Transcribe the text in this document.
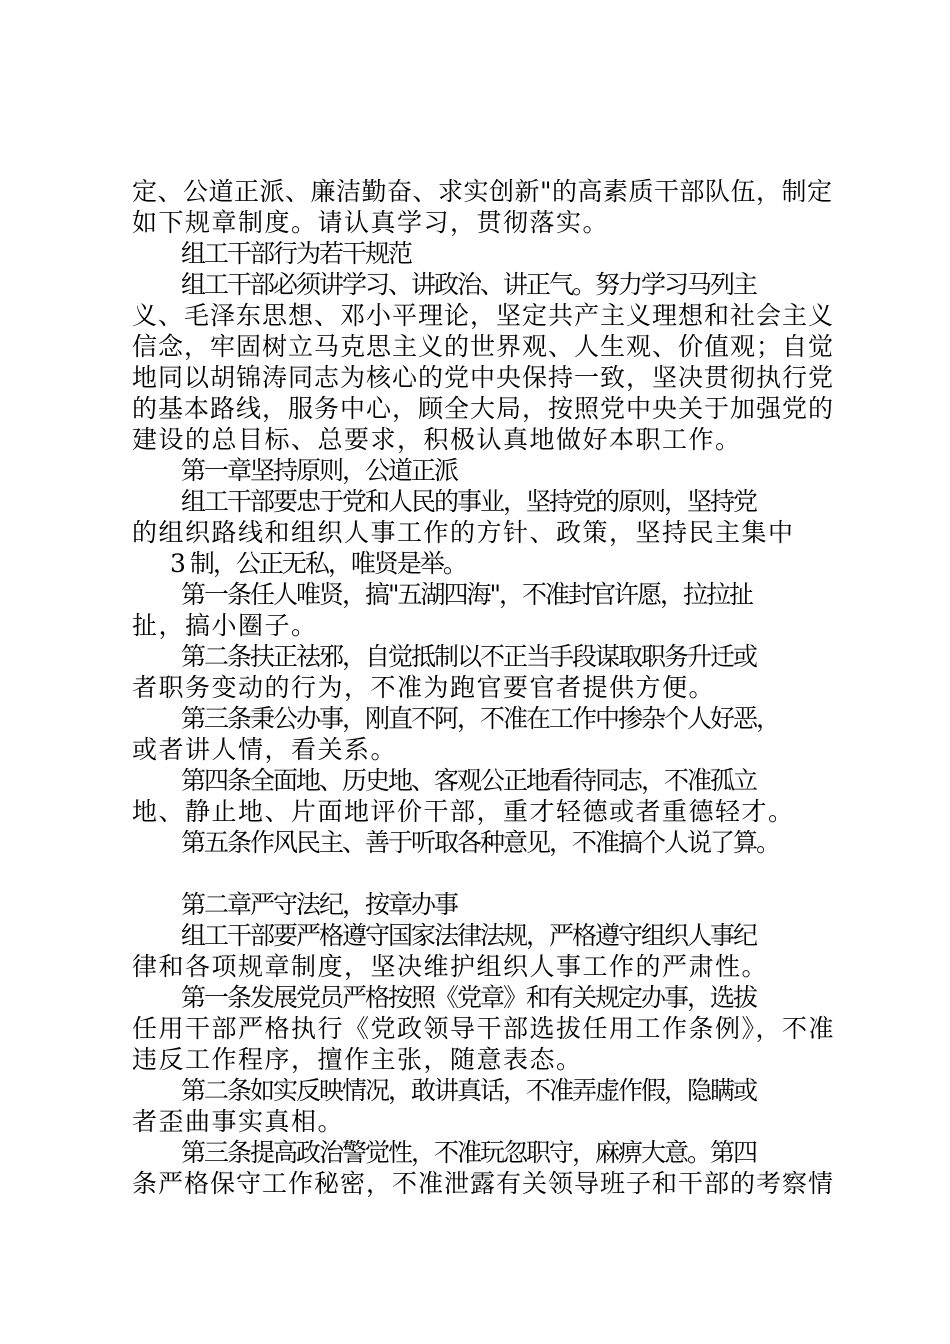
定、公道正派、廉洁勤奋、求实创新"的高素质干部队伍，制定
如下规章制度。请认真学习，贯彻落实。
组工干部行为若干规范
组工干部必须讲学习、讲政治、讲正气。努力学习马列主
义、毛泽东思想、邓小平理论，坚定共产主义理想和社会主义
信念，牢固树立马克思主义的世界观、人生观、价值观；自觉
地同以胡锦涛同志为核心的党中央保持一致，坚决贯彻执行党
的基本路线，服务中心，顾全大局，按照党中央关于加强党的
建设的总目标、总要求，积极认真地做好本职工作。
第一章坚持原则，公道正派
组工干部要忠于党和人民的事业，坚持党的原则，坚持党
的组织路线和组织人事工作的方针、政策，坚持民主集中
3 制，公正无私，唯贤是举。
第一条任人唯贤，搞"五湖四海"，不准封官许愿，拉拉扯
扯，搞小圈子。
第二条扶正祛邪，自觉抵制以不正当手段谋取职务升迁或
者职务变动的行为，不准为跑官要官者提供方便。
第三条秉公办事，刚直不阿，不准在工作中掺杂个人好恶，
或者讲人情，看关系。
第四条全面地、历史地、客观公正地看待同志，不准孤立
地、静止地、片面地评价干部，重才轻德或者重德轻才。
第五条作风民主、善于听取各种意见，不准搞个人说了算。
第二章严守法纪，按章办事
组工干部要严格遵守国家法律法规，严格遵守组织人事纪
律和各项规章制度，坚决维护组织人事工作的严肃性。
第一条发展党员严格按照《党章》和有关规定办事，选拔
任用干部严格执行《党政领导干部选拔任用工作条例》，不准
违反工作程序，擅作主张，随意表态。
第二条如实反映情况，敢讲真话，不准弄虚作假，隐瞒或
者歪曲事实真相。
第三条提高政治警觉性，不准玩忽职守，麻痹大意。第四
条严格保守工作秘密，不准泄露有关领导班子和干部的考察情
